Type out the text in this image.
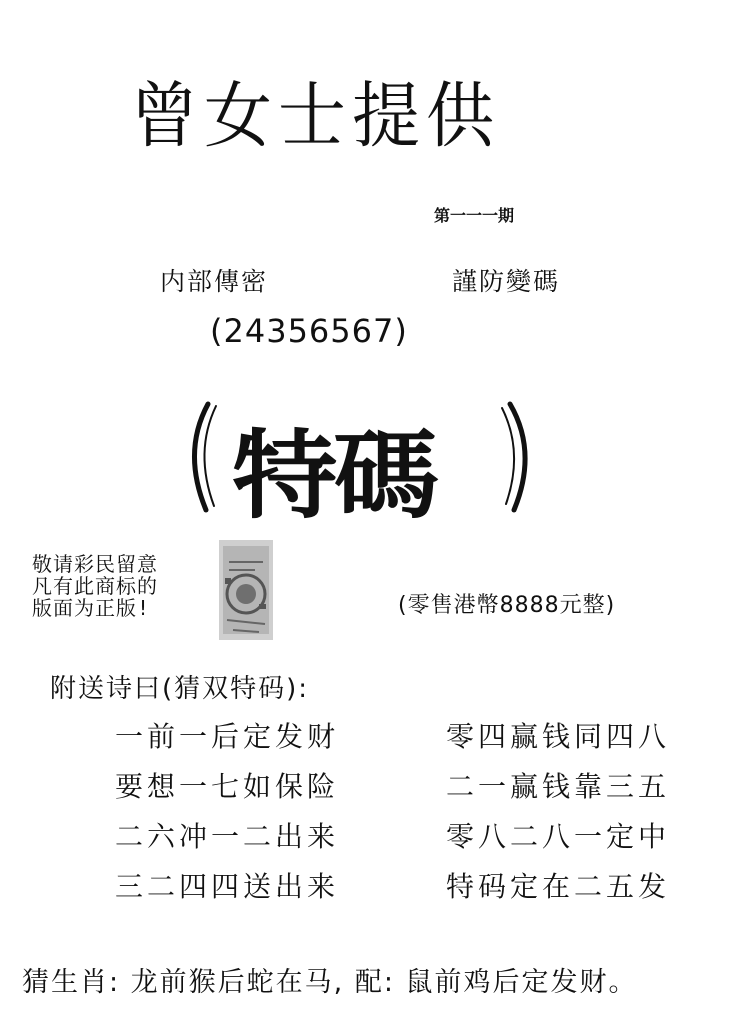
曾女士提供
第一一一期
内部傳密	謹防變碼
(24356567)
特碼
敬请彩民留意
凡有此商标的
版面为正版!	(零售港幣8888元整)
附送诗曰(猜双特码):
一前一后定发财
要想一七如保险
二六冲一二出来
三二四四送出来
零四赢钱同四八
二一赢钱靠三五
零八二八一定中
特码定在二五发
猜生肖: 龙前猴后蛇在马, 配: 鼠前鸡后定发财。
